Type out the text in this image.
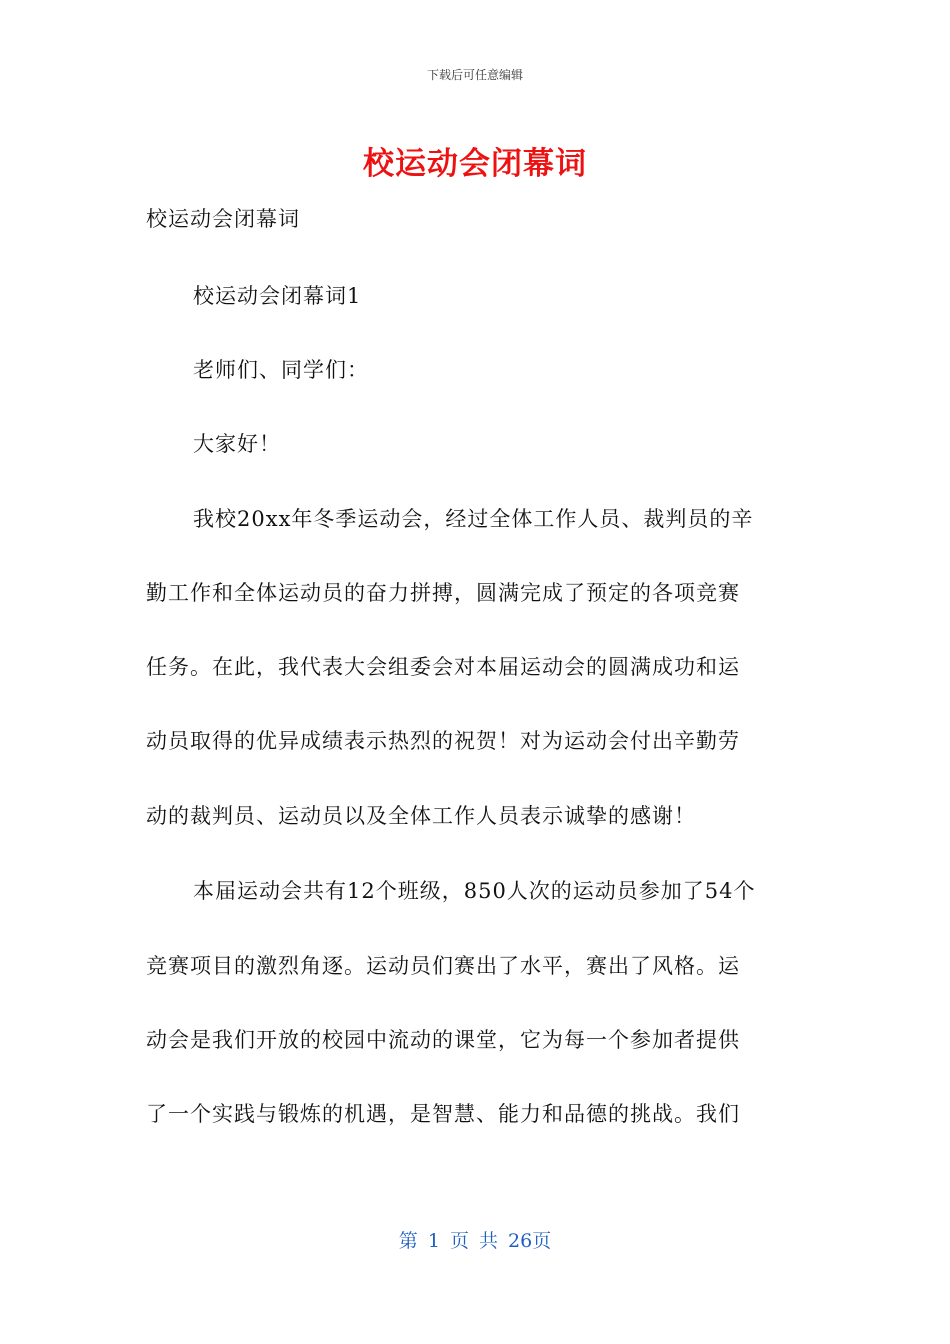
下载后可任意编辑
校运动会闭幕词
校运动会闭幕词
校运动会闭幕词1
老师们、同学们：
大家好！
我校20xx年冬季运动会，经过全体工作人员、裁判员的辛
勤工作和全体运动员的奋力拼搏，圆满完成了预定的各项竞赛
任务。在此，我代表大会组委会对本届运动会的圆满成功和运
动员取得的优异成绩表示热烈的祝贺！对为运动会付出辛勤劳
动的裁判员、运动员以及全体工作人员表示诚挚的感谢！
本届运动会共有12个班级，850人次的运动员参加了54个
竞赛项目的激烈角逐。运动员们赛出了水平，赛出了风格。运
动会是我们开放的校园中流动的课堂，它为每一个参加者提供
了一个实践与锻炼的机遇，是智慧、能力和品德的挑战。我们
第 1 页 共 26页
